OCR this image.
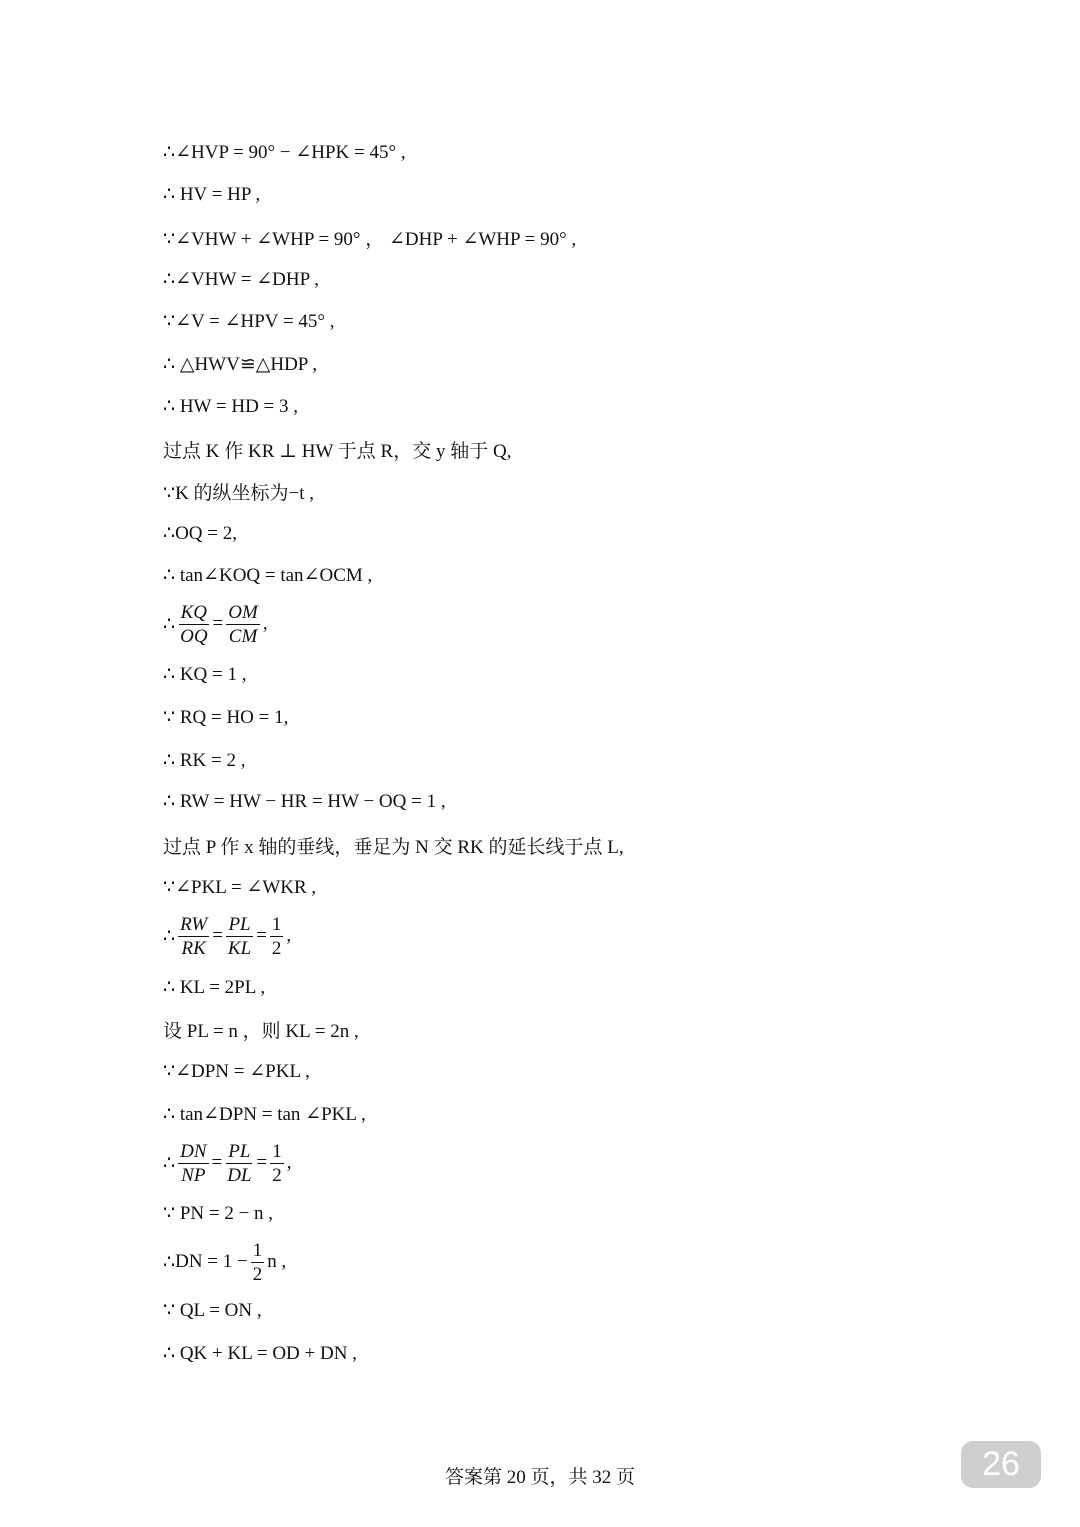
∴∠HVP = 90° − ∠HPK = 45° ,
∴ HV = HP ,
∵∠VHW + ∠WHP = 90° ， ∠DHP + ∠WHP = 90° ,
∴∠VHW = ∠DHP ,
∵∠V = ∠HPV = 45° ,
∴ △HWV≌△HDP ,
∴ HW = HD = 3 ,
过点 K 作 KR ⊥ HW 于点 R，交 y 轴于 Q,
∵K 的纵坐标为−t ,
∴OQ = 2,
∴ tan∠KOQ = tan∠OCM ,
∴ $\frac{KQ}{OQ} = \frac{OM}{CM}$ ,
∴ KQ = 1 ,
∵ RQ = HO = 1,
∴ RK = 2 ,
∴ RW = HW − HR = HW − OQ = 1 ,
过点 P 作 x 轴的垂线，垂足为 N 交 RK 的延长线于点 L,
∵∠PKL = ∠WKR ,
∴ $\frac{RW}{RK} = \frac{PL}{KL} = \frac{1}{2}$ ,
∴ KL = 2PL ,
设 PL = n ，则 KL = 2n ,
∵∠DPN = ∠PKL ,
∴ tan∠DPN = tan ∠PKL ,
∴ $\frac{DN}{NP} = \frac{PL}{DL} = \frac{1}{2}$ ,
∵ PN = 2 − n ,
∴ DN = $1 - \frac{1}{2}$ n ,
∵ QL = ON ,
∴ QK + KL = OD + DN ,
答案第 20 页，共 32 页	26
